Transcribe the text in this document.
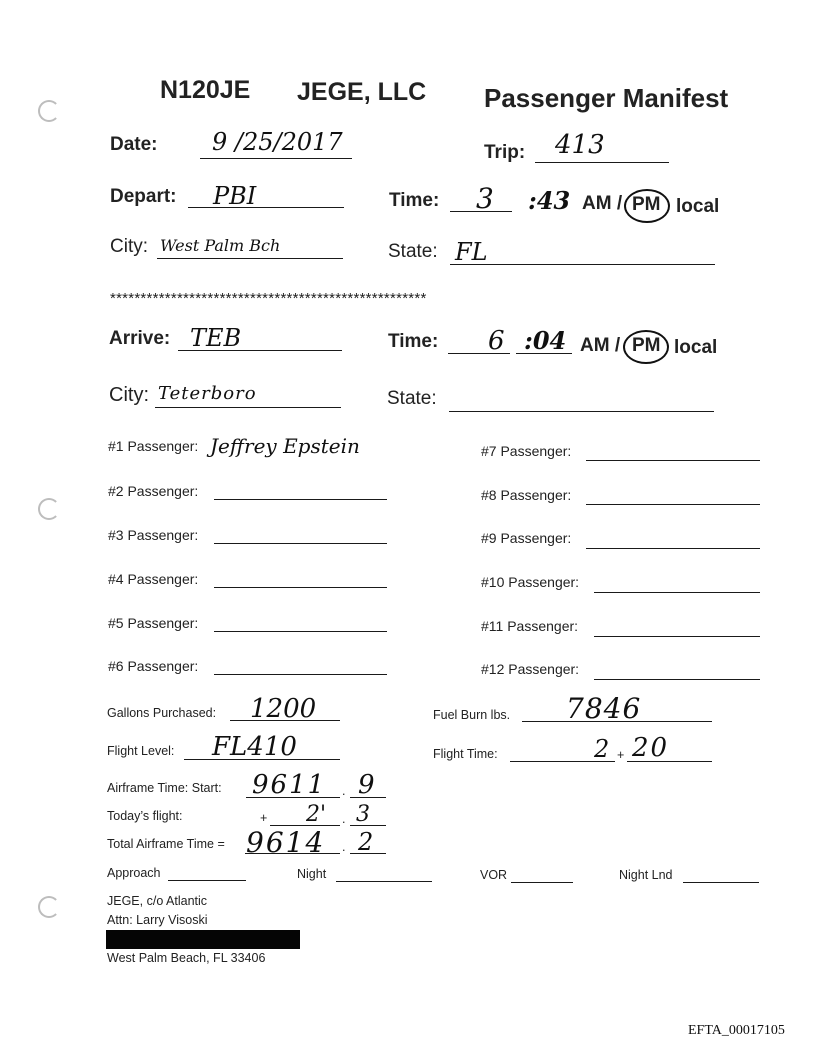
N120JE JEGE, LLC Passenger Manifest
Date: 9 /25/2017	Trip: 413
Depart: PBI	Time: 3 :43 AM / PM local
City: West Palm Bch	State: FL
****************************************************
Arrive: TEB	Time: 6 :04 AM / PM local
City: Teterboro	State:
#1 Passenger: Jeffrey Epstein
#2 Passenger:
#3 Passenger:
#4 Passenger:
#5 Passenger:
#6 Passenger:
#7 Passenger:
#8 Passenger:
#9 Passenger:
#10 Passenger:
#11 Passenger:
#12 Passenger:
Gallons Purchased: 1200	Fuel Burn lbs. 7846
Flight Level: FL410	Flight Time:	2 + 20
Airframe Time: Start: 9611 . 9
Today’s flight:	+ 2' . 3
Total Airframe Time = 9614 . 2
Approach	Night	VOR	Night Lnd
JEGE, c/o Atlantic
Attn: Larry Visoski
West Palm Beach, FL 33406
EFTA_00017105
